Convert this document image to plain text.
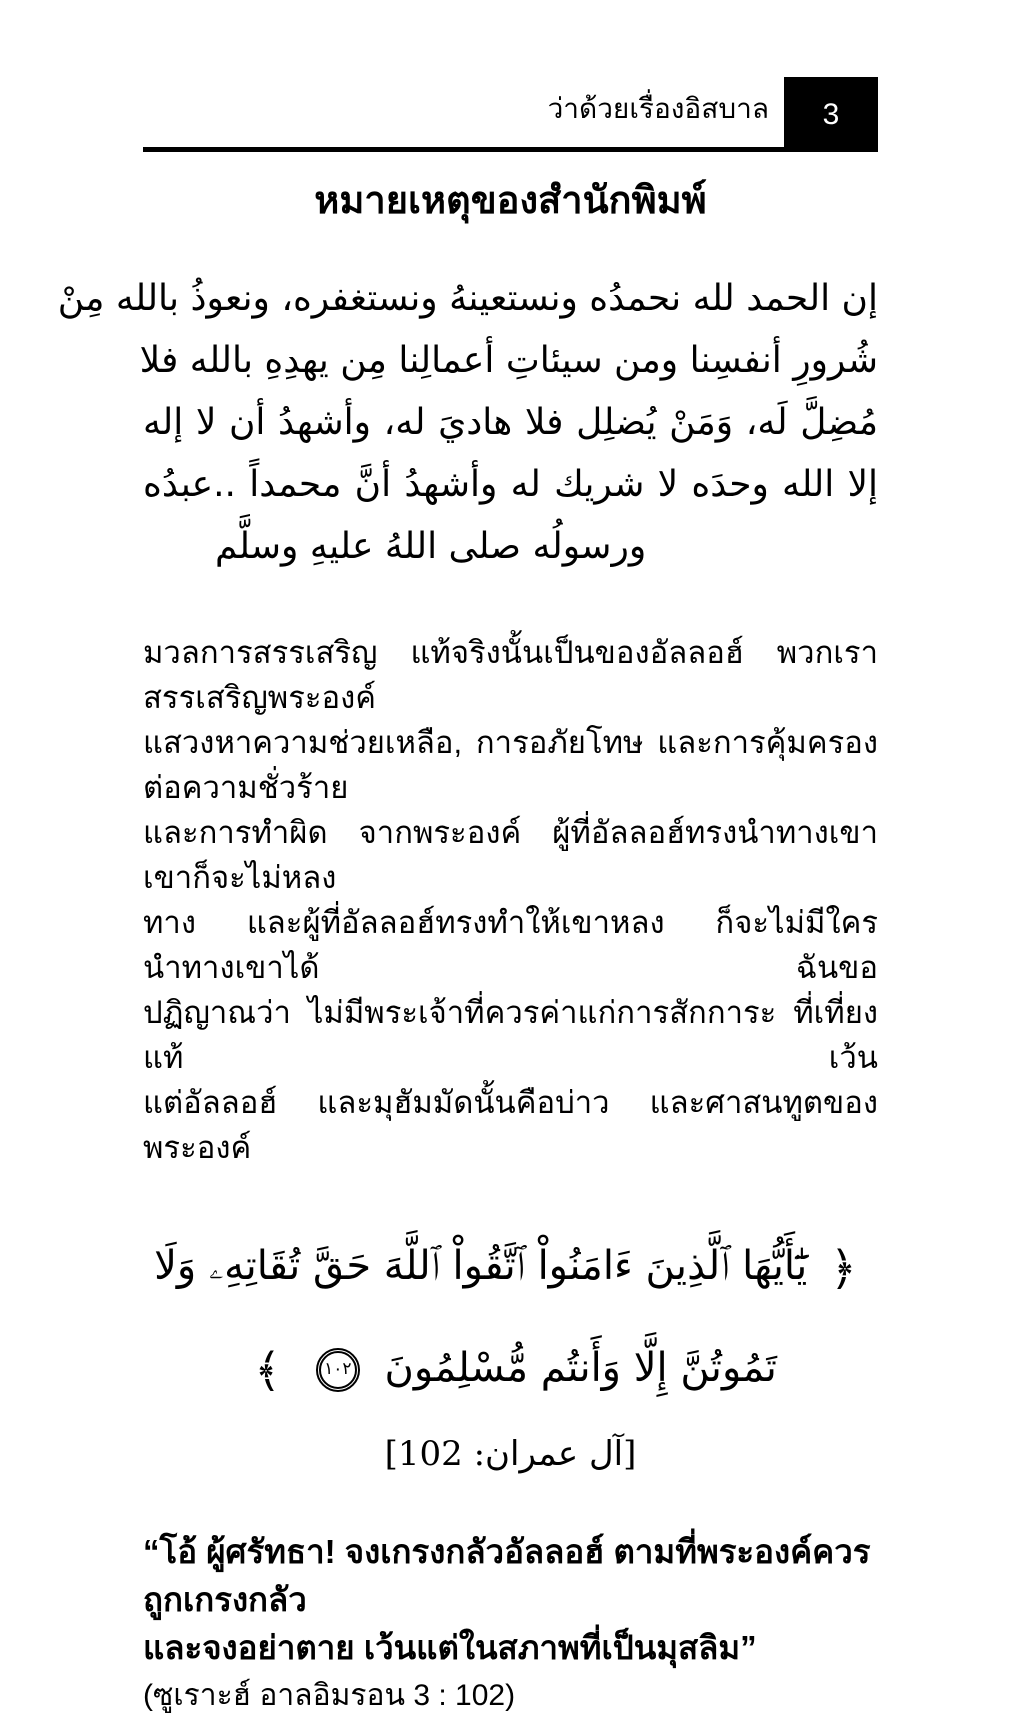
ว่าด้วยเรื่องอิสบาล 3
หมายเหตุของสำนักพิมพ์
إن الحمد لله نحمدُه ونستعينهُ ونستغفره، ونعوذُ بالله مِنْ
شُرورِ أنفسِنا ومن سيئاتِ أعمالِنا مِن يهدِهِ بالله فلا
مُضِلَّ لَه، وَمَنْ يُضلِل فلا هاديَ له، وأشهدُ أن لا إله
إلا الله وحدَه لا شريك له وأشهدُ أنَّ محمداً ..عبدُه
ورسولُه صلى اللهُ عليهِ وسلَّم

มวลการสรรเสริญ แท้จริงนั้นเป็นของอัลลอฮ์ พวกเราสรรเสริญพระองค์
แสวงหาความช่วยเหลือ, การอภัยโทษ และการคุ้มครองต่อความชั่วร้าย
และการทำผิด จากพระองค์ ผู้ที่อัลลอฮ์ทรงนำทางเขา เขาก็จะไม่หลง
ทาง และผู้ที่อัลลอฮ์ทรงทำให้เขาหลง ก็จะไม่มีใครนำทางเขาได้ ฉันขอ
ปฏิญาณว่า ไม่มีพระเจ้าที่ควรค่าแก่การสักการะ ที่เที่ยงแท้ เว้น
แต่อัลลอฮ์ และมุฮัมมัดนั้นคือบ่าว และศาสนทูตของพระองค์

﴿ يَٰٓأَيُّهَا ٱلَّذِينَ ءَامَنُواْ ٱتَّقُواْ ٱللَّهَ حَقَّ تُقَاتِهِۦ وَلَا
تَمُوتُنَّ إِلَّا وَأَنتُم مُّسْلِمُونَ ١٠٢ ﴾
[آل عمران: 102]

“โอ้ ผู้ศรัทธา! จงเกรงกลัวอัลลอฮ์ ตามที่พระองค์ควรถูกเกรงกลัว
และจงอย่าตาย เว้นแต่ในสภาพที่เป็นมุสลิม”

(ซูเราะฮ์ อาลอิมรอน 3 : 102)
